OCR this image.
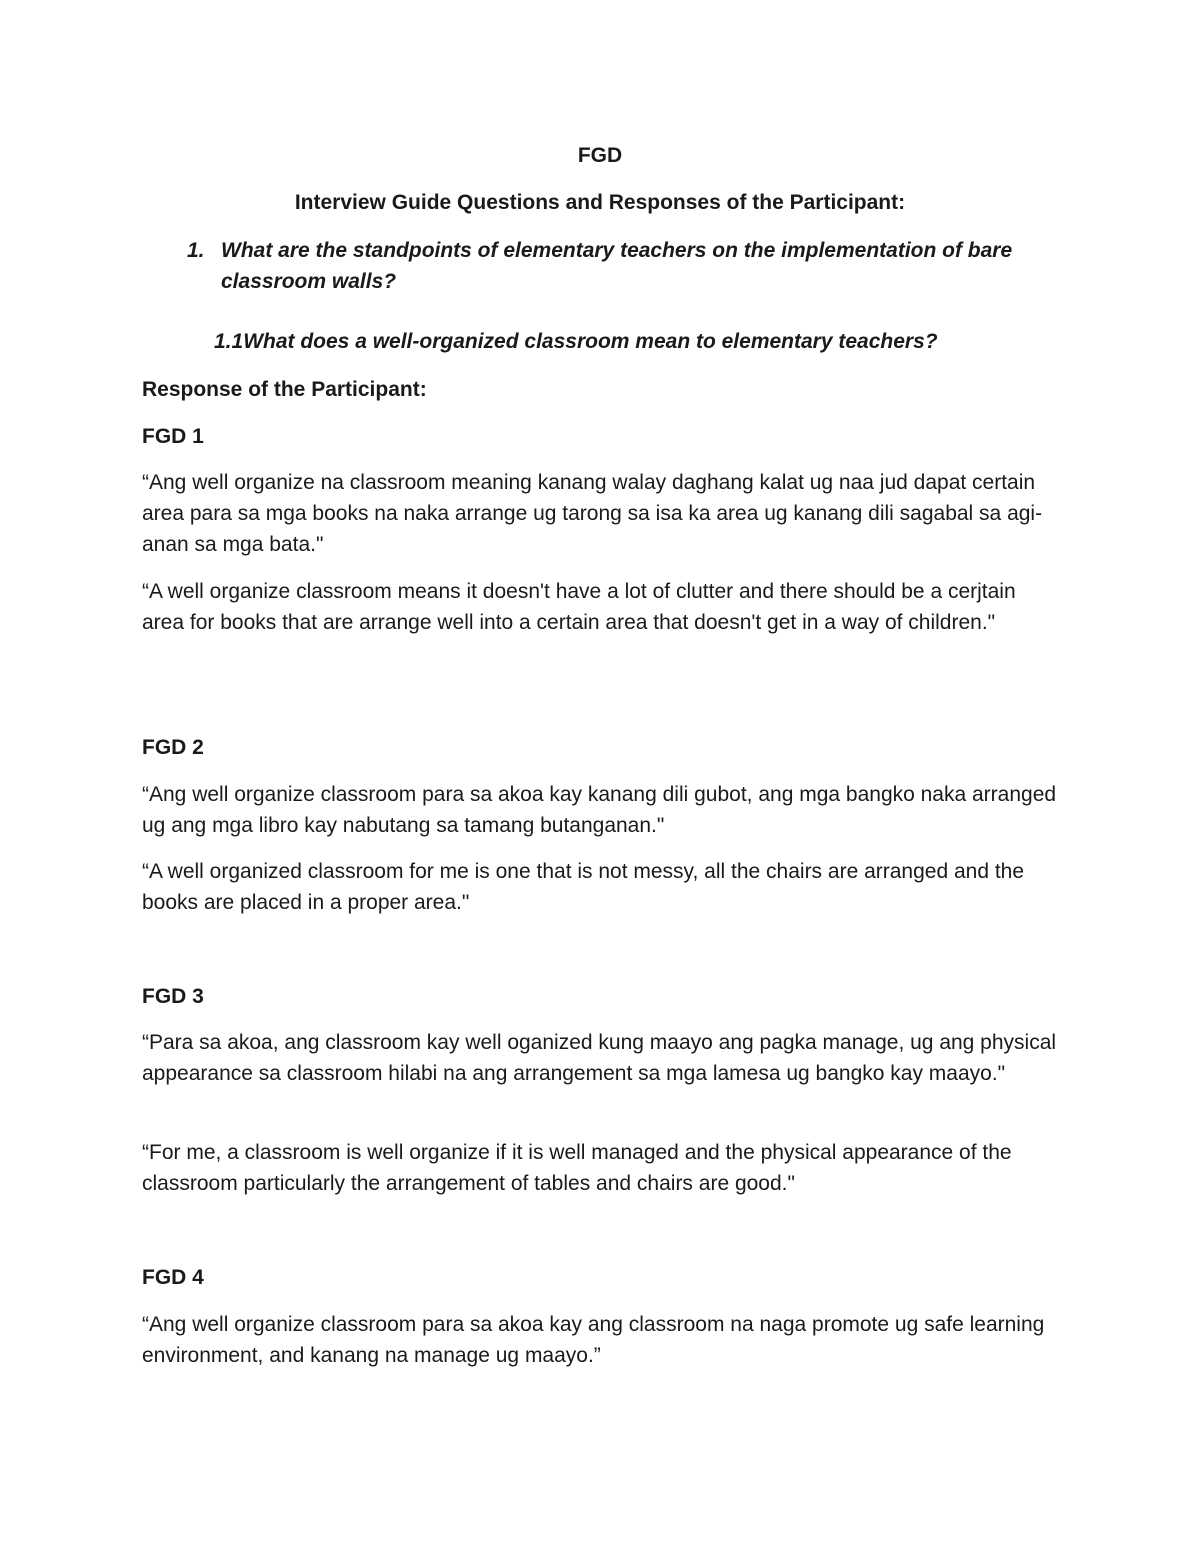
FGD
Interview Guide Questions and Responses of the Participant:
1. What are the standpoints of elementary teachers on the implementation of bare classroom walls?
1.1What does a well-organized classroom mean to elementary teachers?
Response of the Participant:
FGD 1
“Ang well organize na classroom meaning kanang walay daghang kalat ug naa jud dapat certain area para sa mga books na naka arrange ug tarong sa isa ka area ug kanang dili sagabal sa agi-anan sa mga bata."
“A well organize classroom means it doesn't have a lot of clutter and there should be a cerjtain area for books that are arrange well into a certain area that doesn't get in a way of children."
FGD 2
“Ang well organize classroom para sa akoa kay kanang dili gubot, ang mga bangko naka arranged ug ang mga libro kay nabutang sa tamang butanganan."
“A well organized classroom for me is one that is not messy, all the chairs are arranged and the books are placed in a proper area."
FGD 3
“Para sa akoa, ang classroom kay well oganized kung maayo ang pagka manage, ug ang physical appearance sa classroom hilabi na ang arrangement sa mga lamesa ug bangko kay maayo."
“For me, a classroom is well organize if it is well managed and the physical appearance of the classroom particularly the arrangement of tables and chairs are good."
FGD 4
“Ang well organize classroom para sa akoa kay ang classroom na naga promote ug safe learning environment, and kanang na manage ug maayo.”
